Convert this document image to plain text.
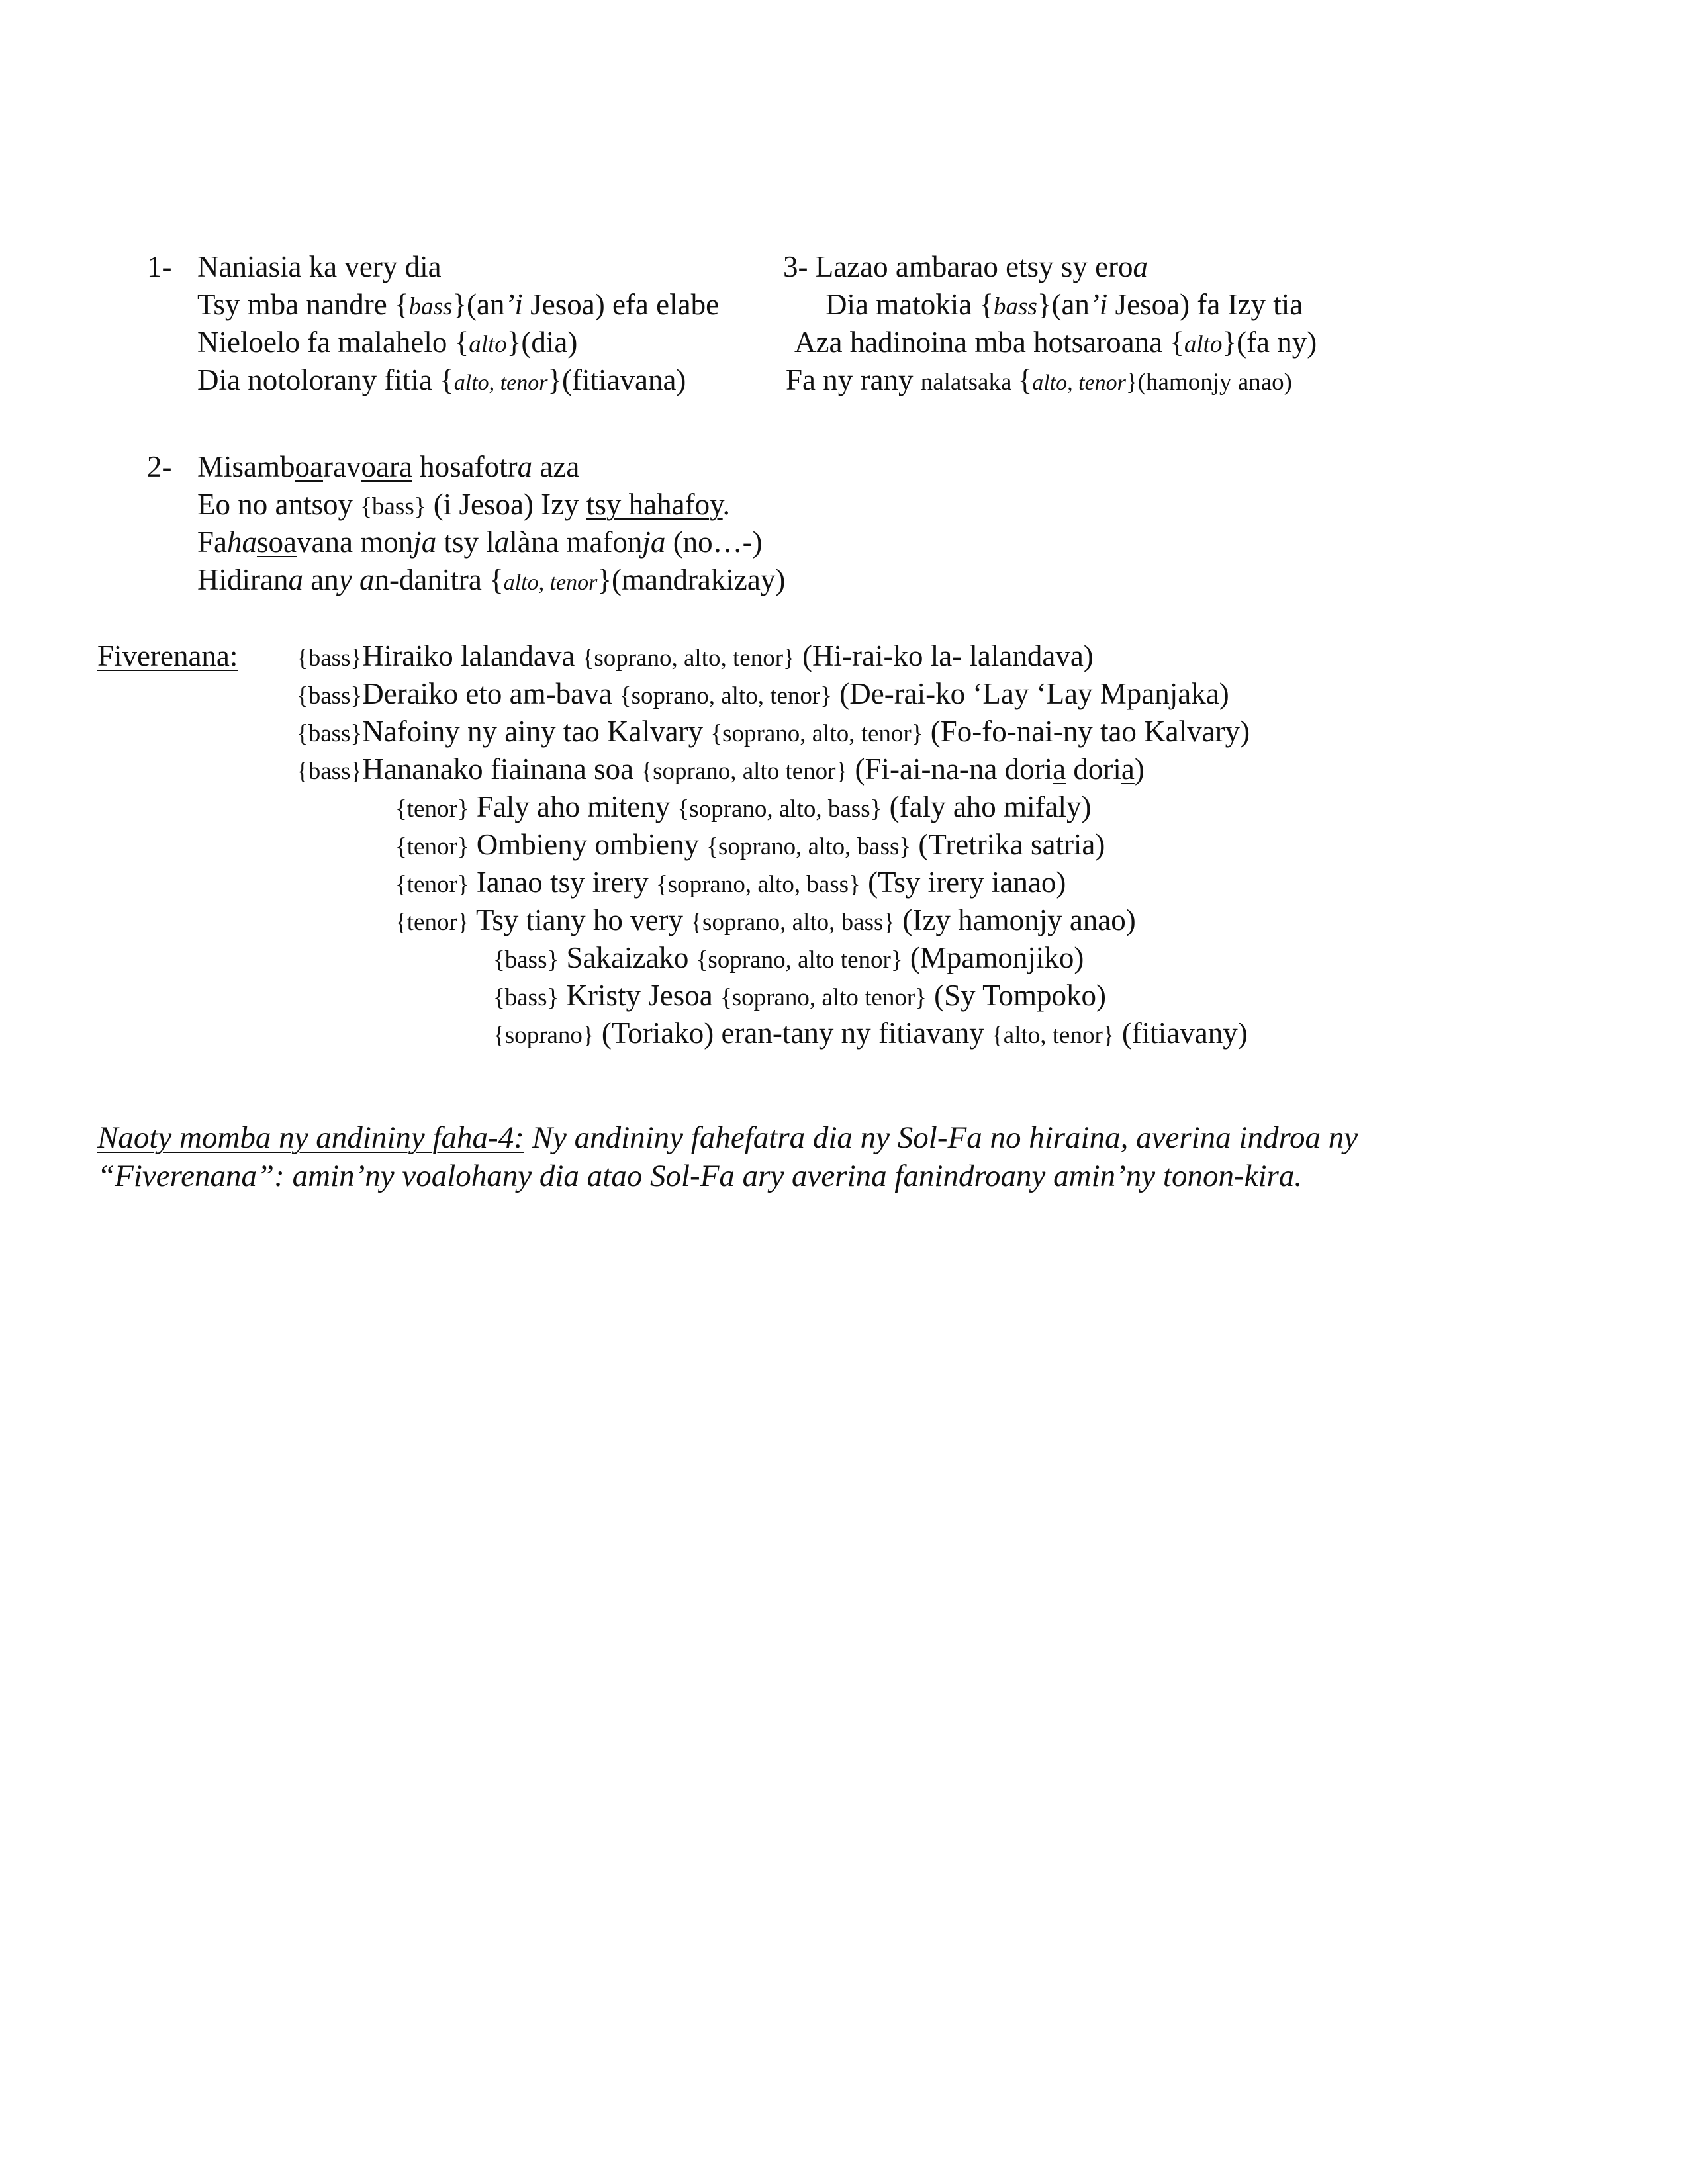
1- Naniasia ka very dia

Tsy mba nandre {bass}(an’i Jesoa) efa elabe

Nieloelo fa malahelo {alto}(dia)

Dia notolorany fitia {alto, tenor}(fitiavana)

3- Lazao ambarao etsy sy eroa

Dia matokia {bass}(an’i Jesoa) fa Izy tia

Aza hadinoina mba hotsaroana {alto}(fa ny)

Fa ny rany nalatsaka {alto, tenor}(hamonjy anao)

2- Misamboaravoara hosafotra aza

Eo no antsoy {bass} (i Jesoa) Izy tsy hahafoy.

Fahasoavana monja tsy lalàna mafonja (no…-)

Hidirana any an-danitra {alto, tenor}(mandrakizay)

Fiverenana: {bass}Hiraiko lalandava {soprano, alto, tenor} (Hi-rai-ko la- lalandava)

{bass}Deraiko eto am-bava {soprano, alto, tenor} (De-rai-ko ‘Lay ‘Lay Mpanjaka)

{bass}Nafoiny ny ainy tao Kalvary {soprano, alto, tenor} (Fo-fo-nai-ny tao Kalvary)

{bass}Hananako fiainana soa {soprano, alto tenor} (Fi-ai-na-na doria doria)

{tenor} Faly aho miteny {soprano, alto, bass} (faly aho mifaly)

{tenor} Ombieny ombieny {soprano, alto, bass} (Tretrika satria)

{tenor} Ianao tsy irery {soprano, alto, bass} (Tsy irery ianao)

{tenor} Tsy tiany ho very {soprano, alto, bass} (Izy hamonjy anao)

{bass} Sakaizako {soprano, alto tenor} (Mpamonjiko)

{bass} Kristy Jesoa {soprano, alto tenor} (Sy Tompoko)

{soprano} (Toriako) eran-tany ny fitiavany {alto, tenor} (fitiavany)

Naoty momba ny andininy faha-4: Ny andininy fahefatra dia ny Sol-Fa no hiraina, averina indroa ny

“Fiverenana”: amin’ny voalohany dia atao Sol-Fa ary averina fanindroany amin’ny tonon-kira.
